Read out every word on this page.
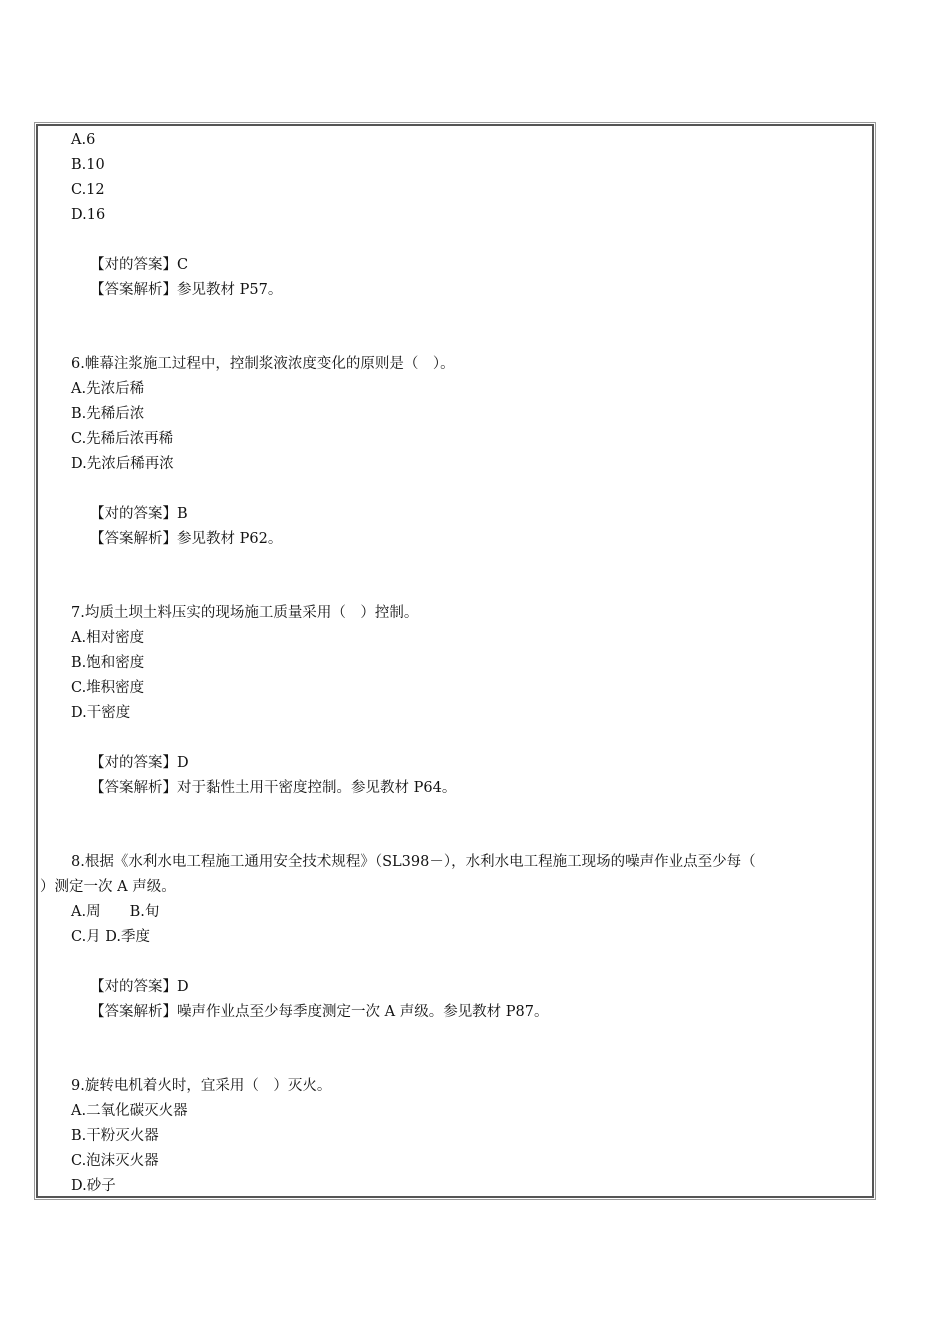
A.6
B.10
C.12
D.16
【对的答案】C
【答案解析】参见教材 P57。
6.帷幕注浆施工过程中，控制浆液浓度变化的原则是（　）。
A.先浓后稀
B.先稀后浓
C.先稀后浓再稀
D.先浓后稀再浓
【对的答案】B
【答案解析】参见教材 P62。
7.均质土坝土料压实的现场施工质量采用（　）控制。
A.相对密度
B.饱和密度
C.堆积密度
D.干密度
【对的答案】D
【答案解析】对于黏性土用干密度控制。参见教材 P64。
8.根据《水利水电工程施工通用安全技术规程》（SL398－），水利水电工程施工现场的噪声作业点至少每（
）测定一次 A 声级。
A.周　　B.旬
C.月 D.季度
【对的答案】D
【答案解析】噪声作业点至少每季度测定一次 A 声级。参见教材 P87。
9.旋转电机着火时，宜采用（　）灭火。
A.二氧化碳灭火器
B.干粉灭火器
C.泡沫灭火器
D.砂子
